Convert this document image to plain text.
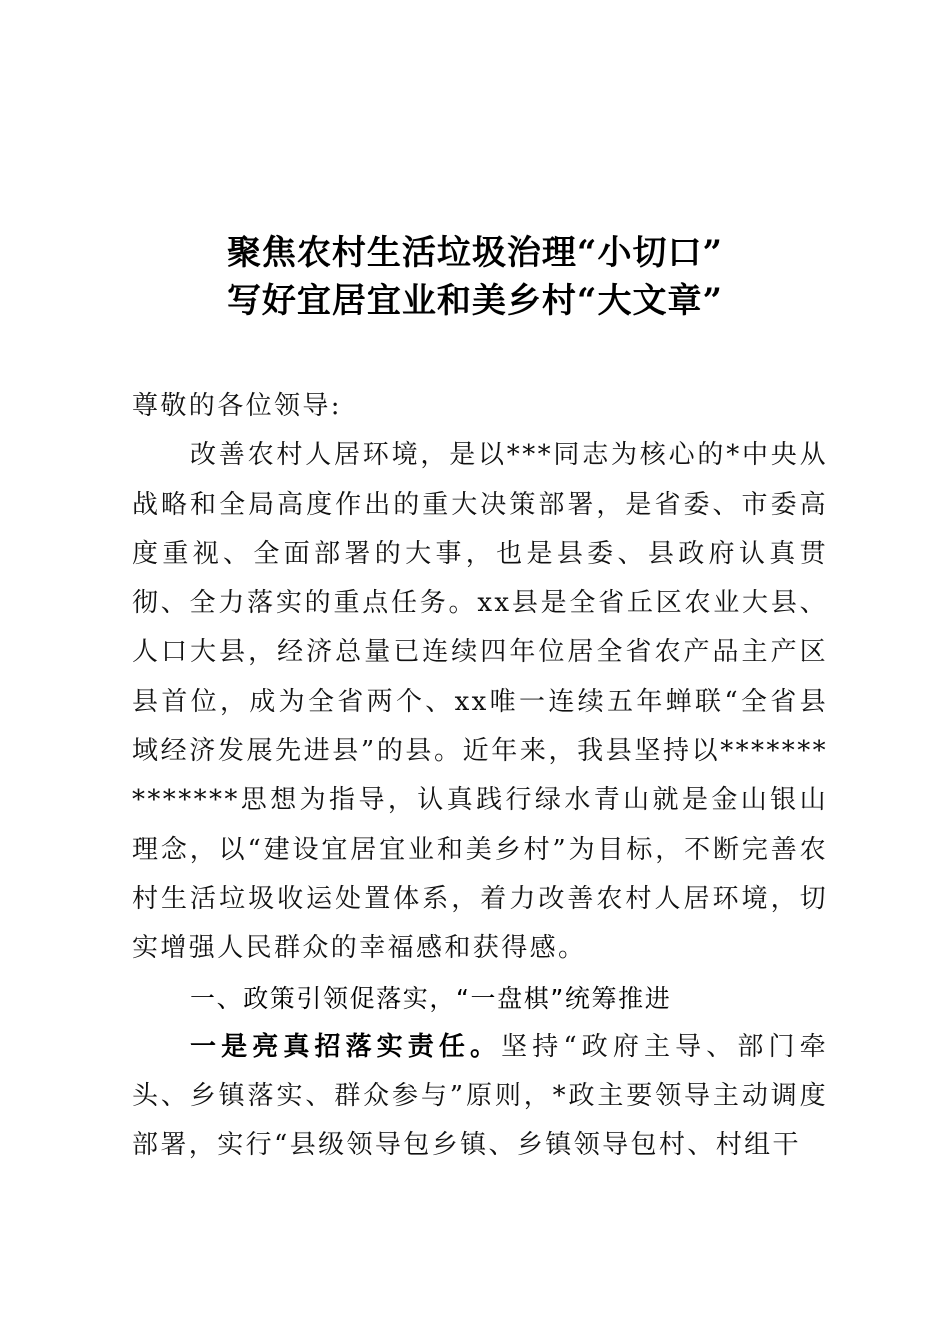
聚焦农村生活垃圾治理“小切口”
写好宜居宜业和美乡村“大文章”

尊敬的各位领导:

改善农村人居环境，是以***同志为核心的*中央从战略和全局高度作出的重大决策部署，是省委、市委高度重视、全面部署的大事，也是县委、县政府认真贯彻、全力落实的重点任务。xx县是全省丘区农业大县、人口大县，经济总量已连续四年位居全省农产品主产区县首位，成为全省两个、xx唯一连续五年蝉联“全省县域经济发展先进县”的县。近年来，我县坚持以**************思想为指导，认真践行绿水青山就是金山银山理念，以“建设宜居宜业和美乡村”为目标，不断完善农村生活垃圾收运处置体系，着力改善农村人居环境，切实增强人民群众的幸福感和获得感。

一、政策引领促落实，“一盘棋”统筹推进

一是亮真招落实责任。坚持“政府主导、部门牵头、乡镇落实、群众参与”原则，*政主要领导主动调度部署，实行“县级领导包乡镇、乡镇领导包村、村组干
